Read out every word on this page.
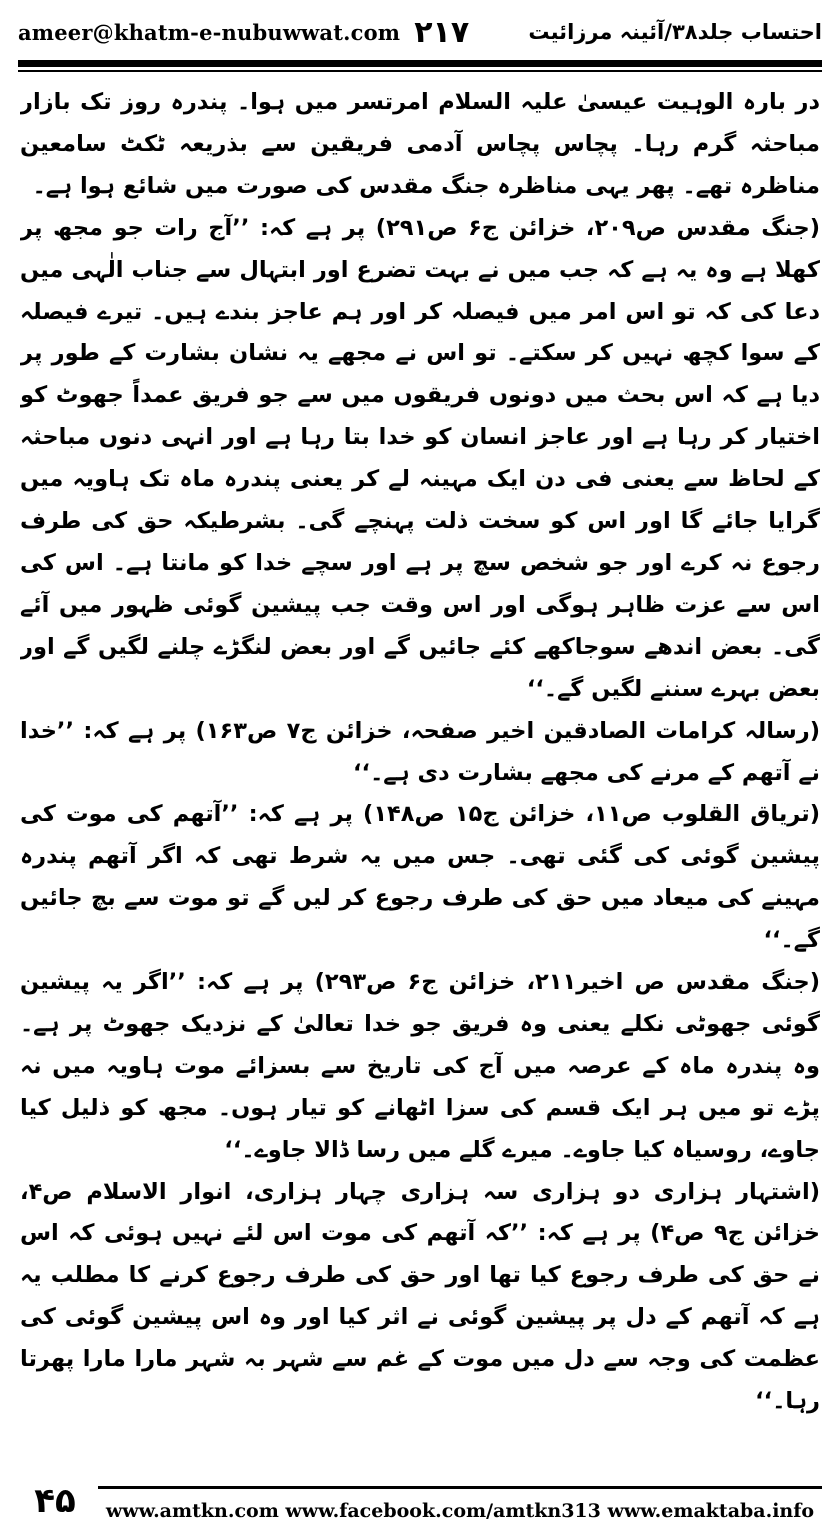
ameer@khatm-e-nubuwwat.com ۲۱۷	احتساب جلد۳۸/آئینہ مرزائیت

در بارہ الوہیت عیسیٰ علیہ السلام امرتسر میں ہوا۔ پندرہ روز تک بازار مباحثہ گرم رہا۔ پچاس پچاس آدمی فریقین سے بذریعہ ٹکٹ سامعین مناظرہ تھے۔ پھر یہی مناظرہ جنگ مقدس کی صورت میں شائع ہوا ہے۔

(جنگ مقدس ص۲۰۹، خزائن ج۶ ص۲۹۱) پر ہے کہ: ’’آج رات جو مجھ پر کھلا ہے وہ یہ ہے کہ جب میں نے بہت تضرع اور ابتہال سے جناب الٰہی میں دعا کی کہ تو اس امر میں فیصلہ کر اور ہم عاجز بندے ہیں۔ تیرے فیصلہ کے سوا کچھ نہیں کر سکتے۔ تو اس نے مجھے یہ نشان بشارت کے طور پر دیا ہے کہ اس بحث میں دونوں فریقوں میں سے جو فریق عمداً جھوٹ کو اختیار کر رہا ہے اور عاجز انسان کو خدا بتا رہا ہے اور انہی دنوں مباحثہ کے لحاظ سے یعنی فی دن ایک مہینہ لے کر یعنی پندرہ ماہ تک ہاویہ میں گرایا جائے گا اور اس کو سخت ذلت پہنچے گی۔ بشرطیکہ حق کی طرف رجوع نہ کرے اور جو شخص سچ پر ہے اور سچے خدا کو مانتا ہے۔ اس کی اس سے عزت ظاہر ہوگی اور اس وقت جب پیشین گوئی ظہور میں آئے گی۔ بعض اندھے سوجاکھے کئے جائیں گے اور بعض لنگڑے چلنے لگیں گے اور بعض بہرے سننے لگیں گے۔‘‘

(رسالہ کرامات الصادقین اخیر صفحہ، خزائن ج۷ ص۱۶۳) پر ہے کہ: ’’خدا نے آتھم کے مرنے کی مجھے بشارت دی ہے۔‘‘

(تریاق القلوب ص۱۱، خزائن ج۱۵ ص۱۴۸) پر ہے کہ: ’’آتھم کی موت کی پیشین گوئی کی گئی تھی۔ جس میں یہ شرط تھی کہ اگر آتھم پندرہ مہینے کی میعاد میں حق کی طرف رجوع کر لیں گے تو موت سے بچ جائیں گے۔‘‘

(جنگ مقدس ص اخیر۲۱۱، خزائن ج۶ ص۲۹۳) پر ہے کہ: ’’اگر یہ پیشین گوئی جھوٹی نکلے یعنی وہ فریق جو خدا تعالیٰ کے نزدیک جھوٹ پر ہے۔ وہ پندرہ ماہ کے عرصہ میں آج کی تاریخ سے بسزائے موت ہاویہ میں نہ پڑے تو میں ہر ایک قسم کی سزا اٹھانے کو تیار ہوں۔ مجھ کو ذلیل کیا جاوے، روسیاہ کیا جاوے۔ میرے گلے میں رسا ڈالا جاوے۔‘‘

(اشتہار ہزاری دو ہزاری سہ ہزاری چہار ہزاری، انوار الاسلام ص۴، خزائن ج۹ ص۴) پر ہے کہ: ’’کہ آتھم کی موت اس لئے نہیں ہوئی کہ اس نے حق کی طرف رجوع کیا تھا اور حق کی طرف رجوع کرنے کا مطلب یہ ہے کہ آتھم کے دل پر پیشین گوئی نے اثر کیا اور وہ اس پیشین گوئی کی عظمت کی وجہ سے دل میں موت کے غم سے شہر بہ شہر مارا مارا پھرتا رہا۔‘‘

۴۵	www.amtkn.com www.facebook.com/amtkn313 www.emaktaba.info
